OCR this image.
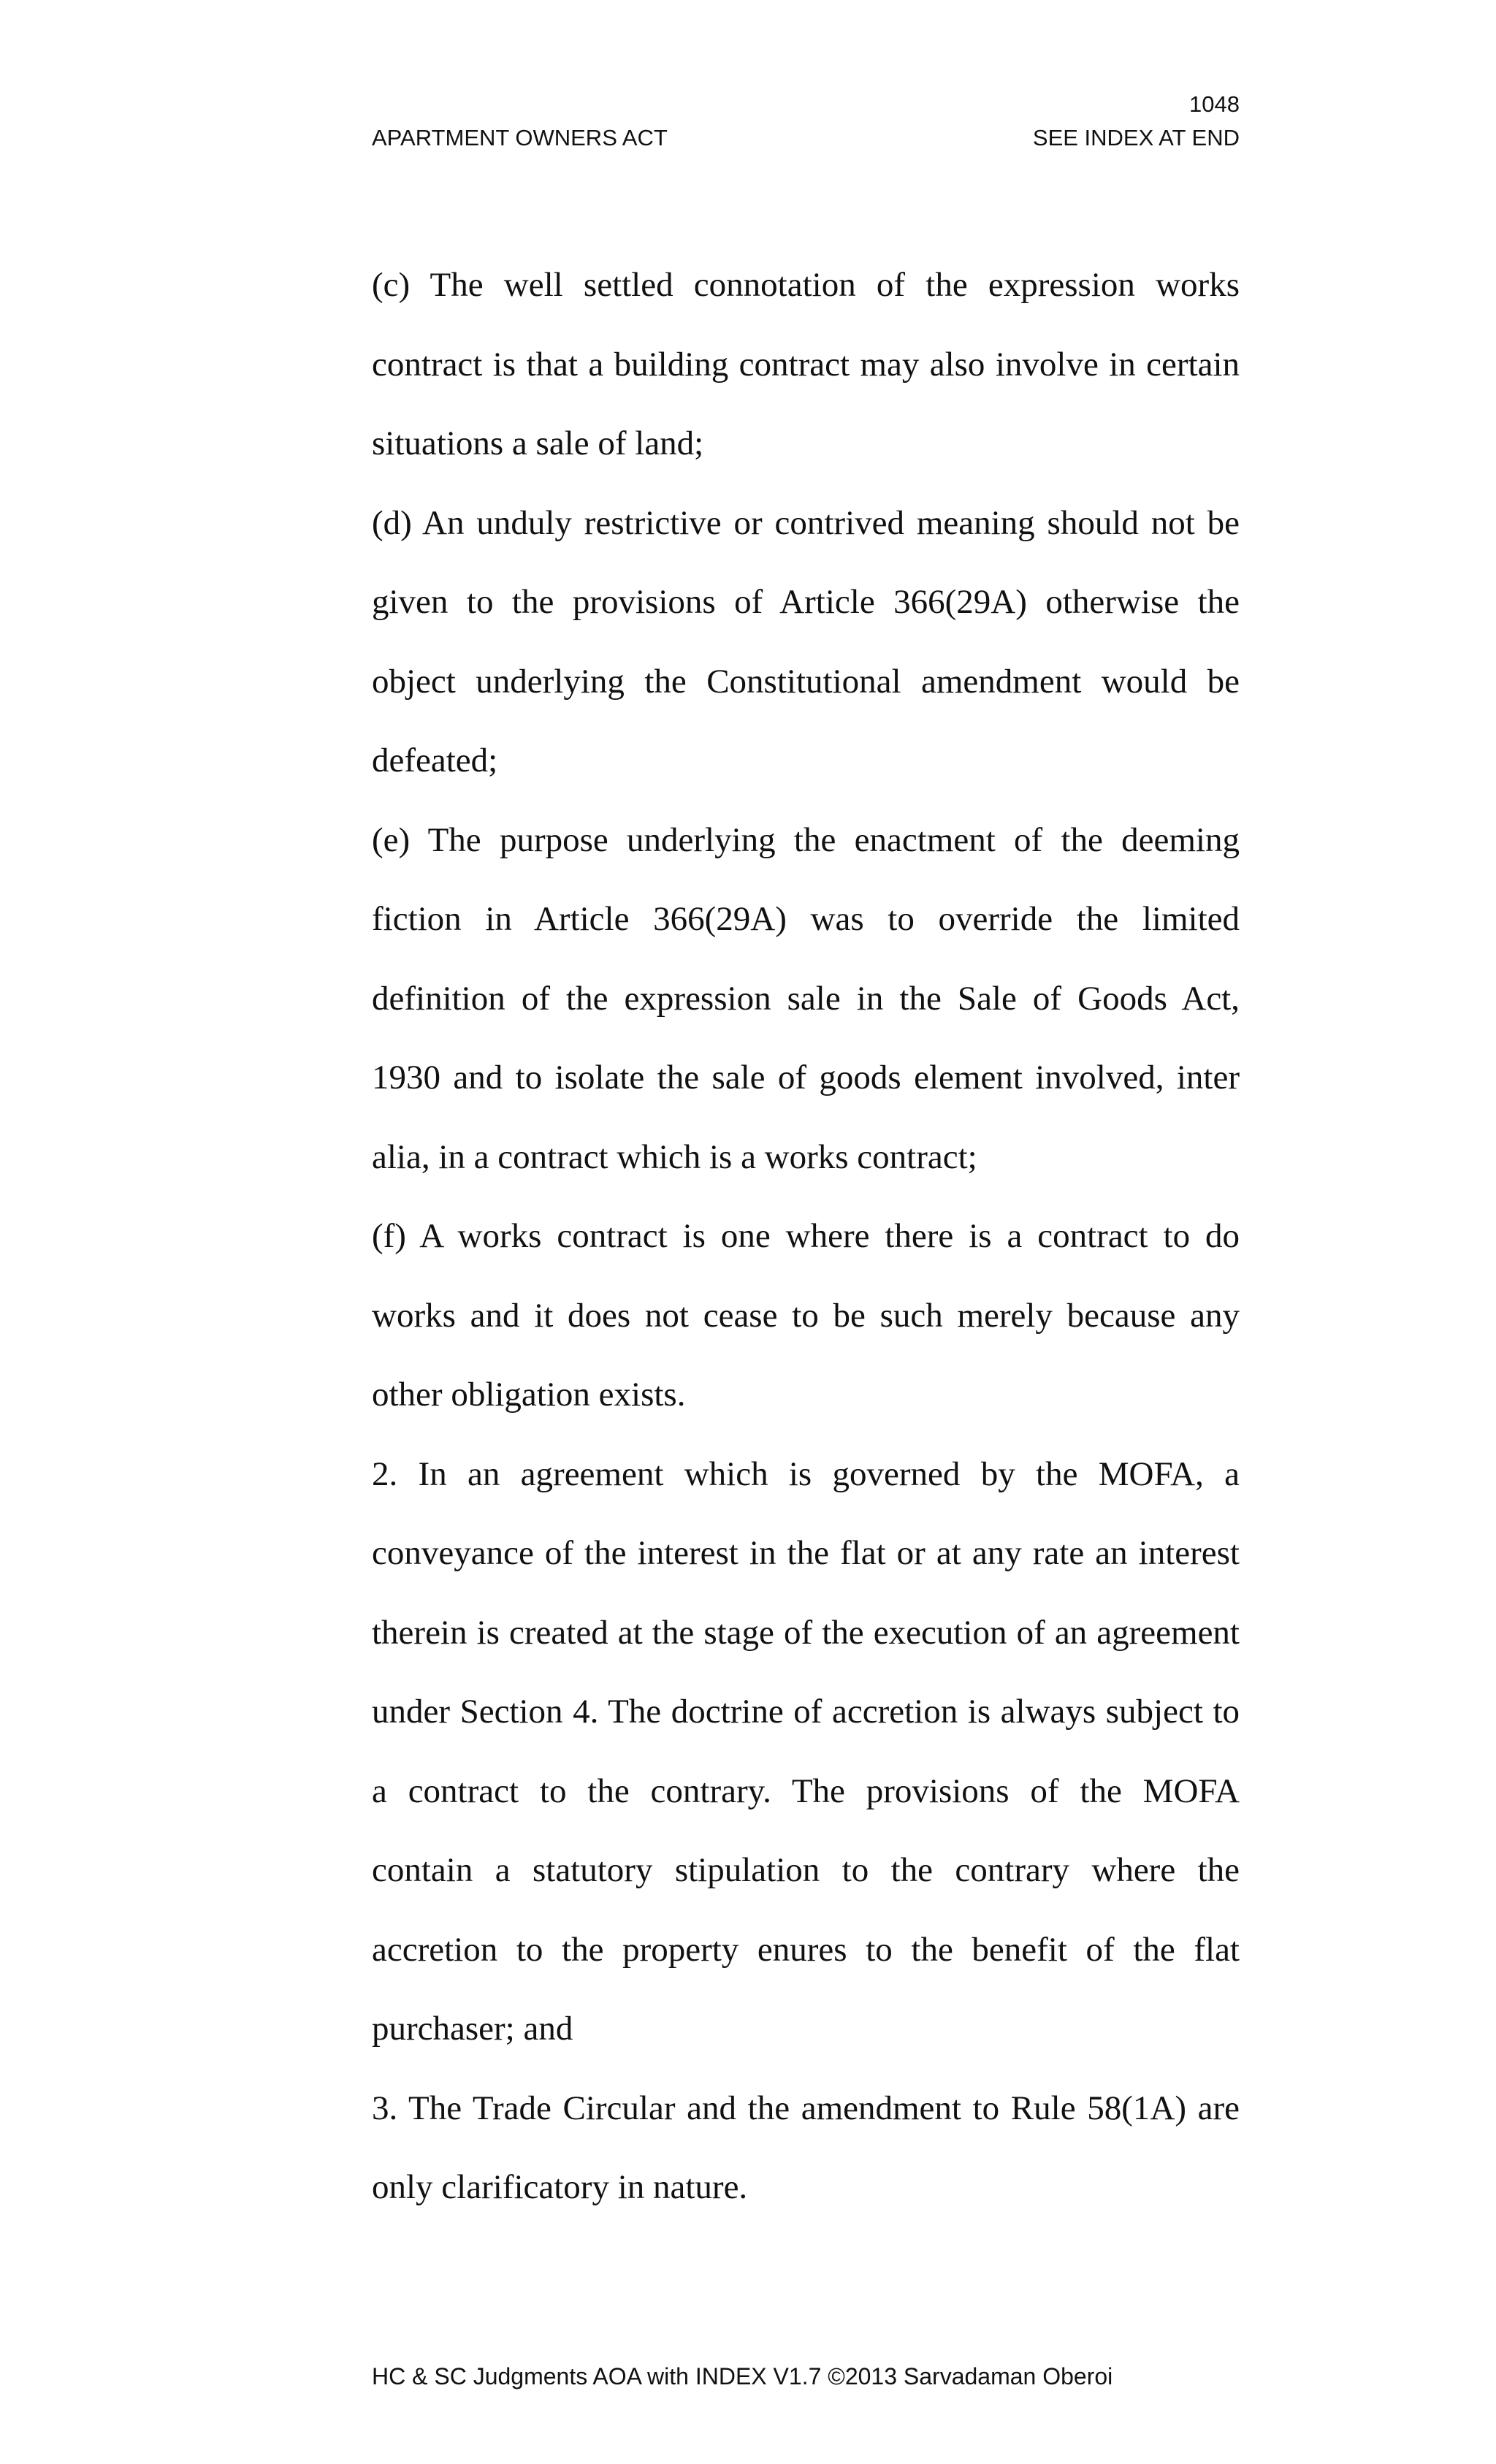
1048
APARTMENT OWNERS ACT	SEE INDEX AT END
(c) The well settled connotation of the expression works
contract is that a building contract may also involve in certain
situations a sale of land;
(d) An unduly restrictive or contrived meaning should not be
given to the provisions of Article 366(29A) otherwise the
object underlying the Constitutional amendment would be
defeated;
(e) The purpose underlying the enactment of the deeming
fiction in Article 366(29A) was to override the limited
definition of the expression sale in the Sale of Goods Act,
1930 and to isolate the sale of goods element involved, inter
alia, in a contract which is a works contract;
(f) A works contract is one where there is a contract to do
works and it does not cease to be such merely because any
other obligation exists.
2. In an agreement which is governed by the MOFA, a
conveyance of the interest in the flat or at any rate an interest
therein is created at the stage of the execution of an agreement
under Section 4. The doctrine of accretion is always subject to
a contract to the contrary. The provisions of the MOFA
contain a statutory stipulation to the contrary where the
accretion to the property enures to the benefit of the flat
purchaser; and
3. The Trade Circular and the amendment to Rule 58(1A) are
only clarificatory in nature.
HC & SC Judgments AOA with INDEX V1.7 ©2013 Sarvadaman Oberoi
